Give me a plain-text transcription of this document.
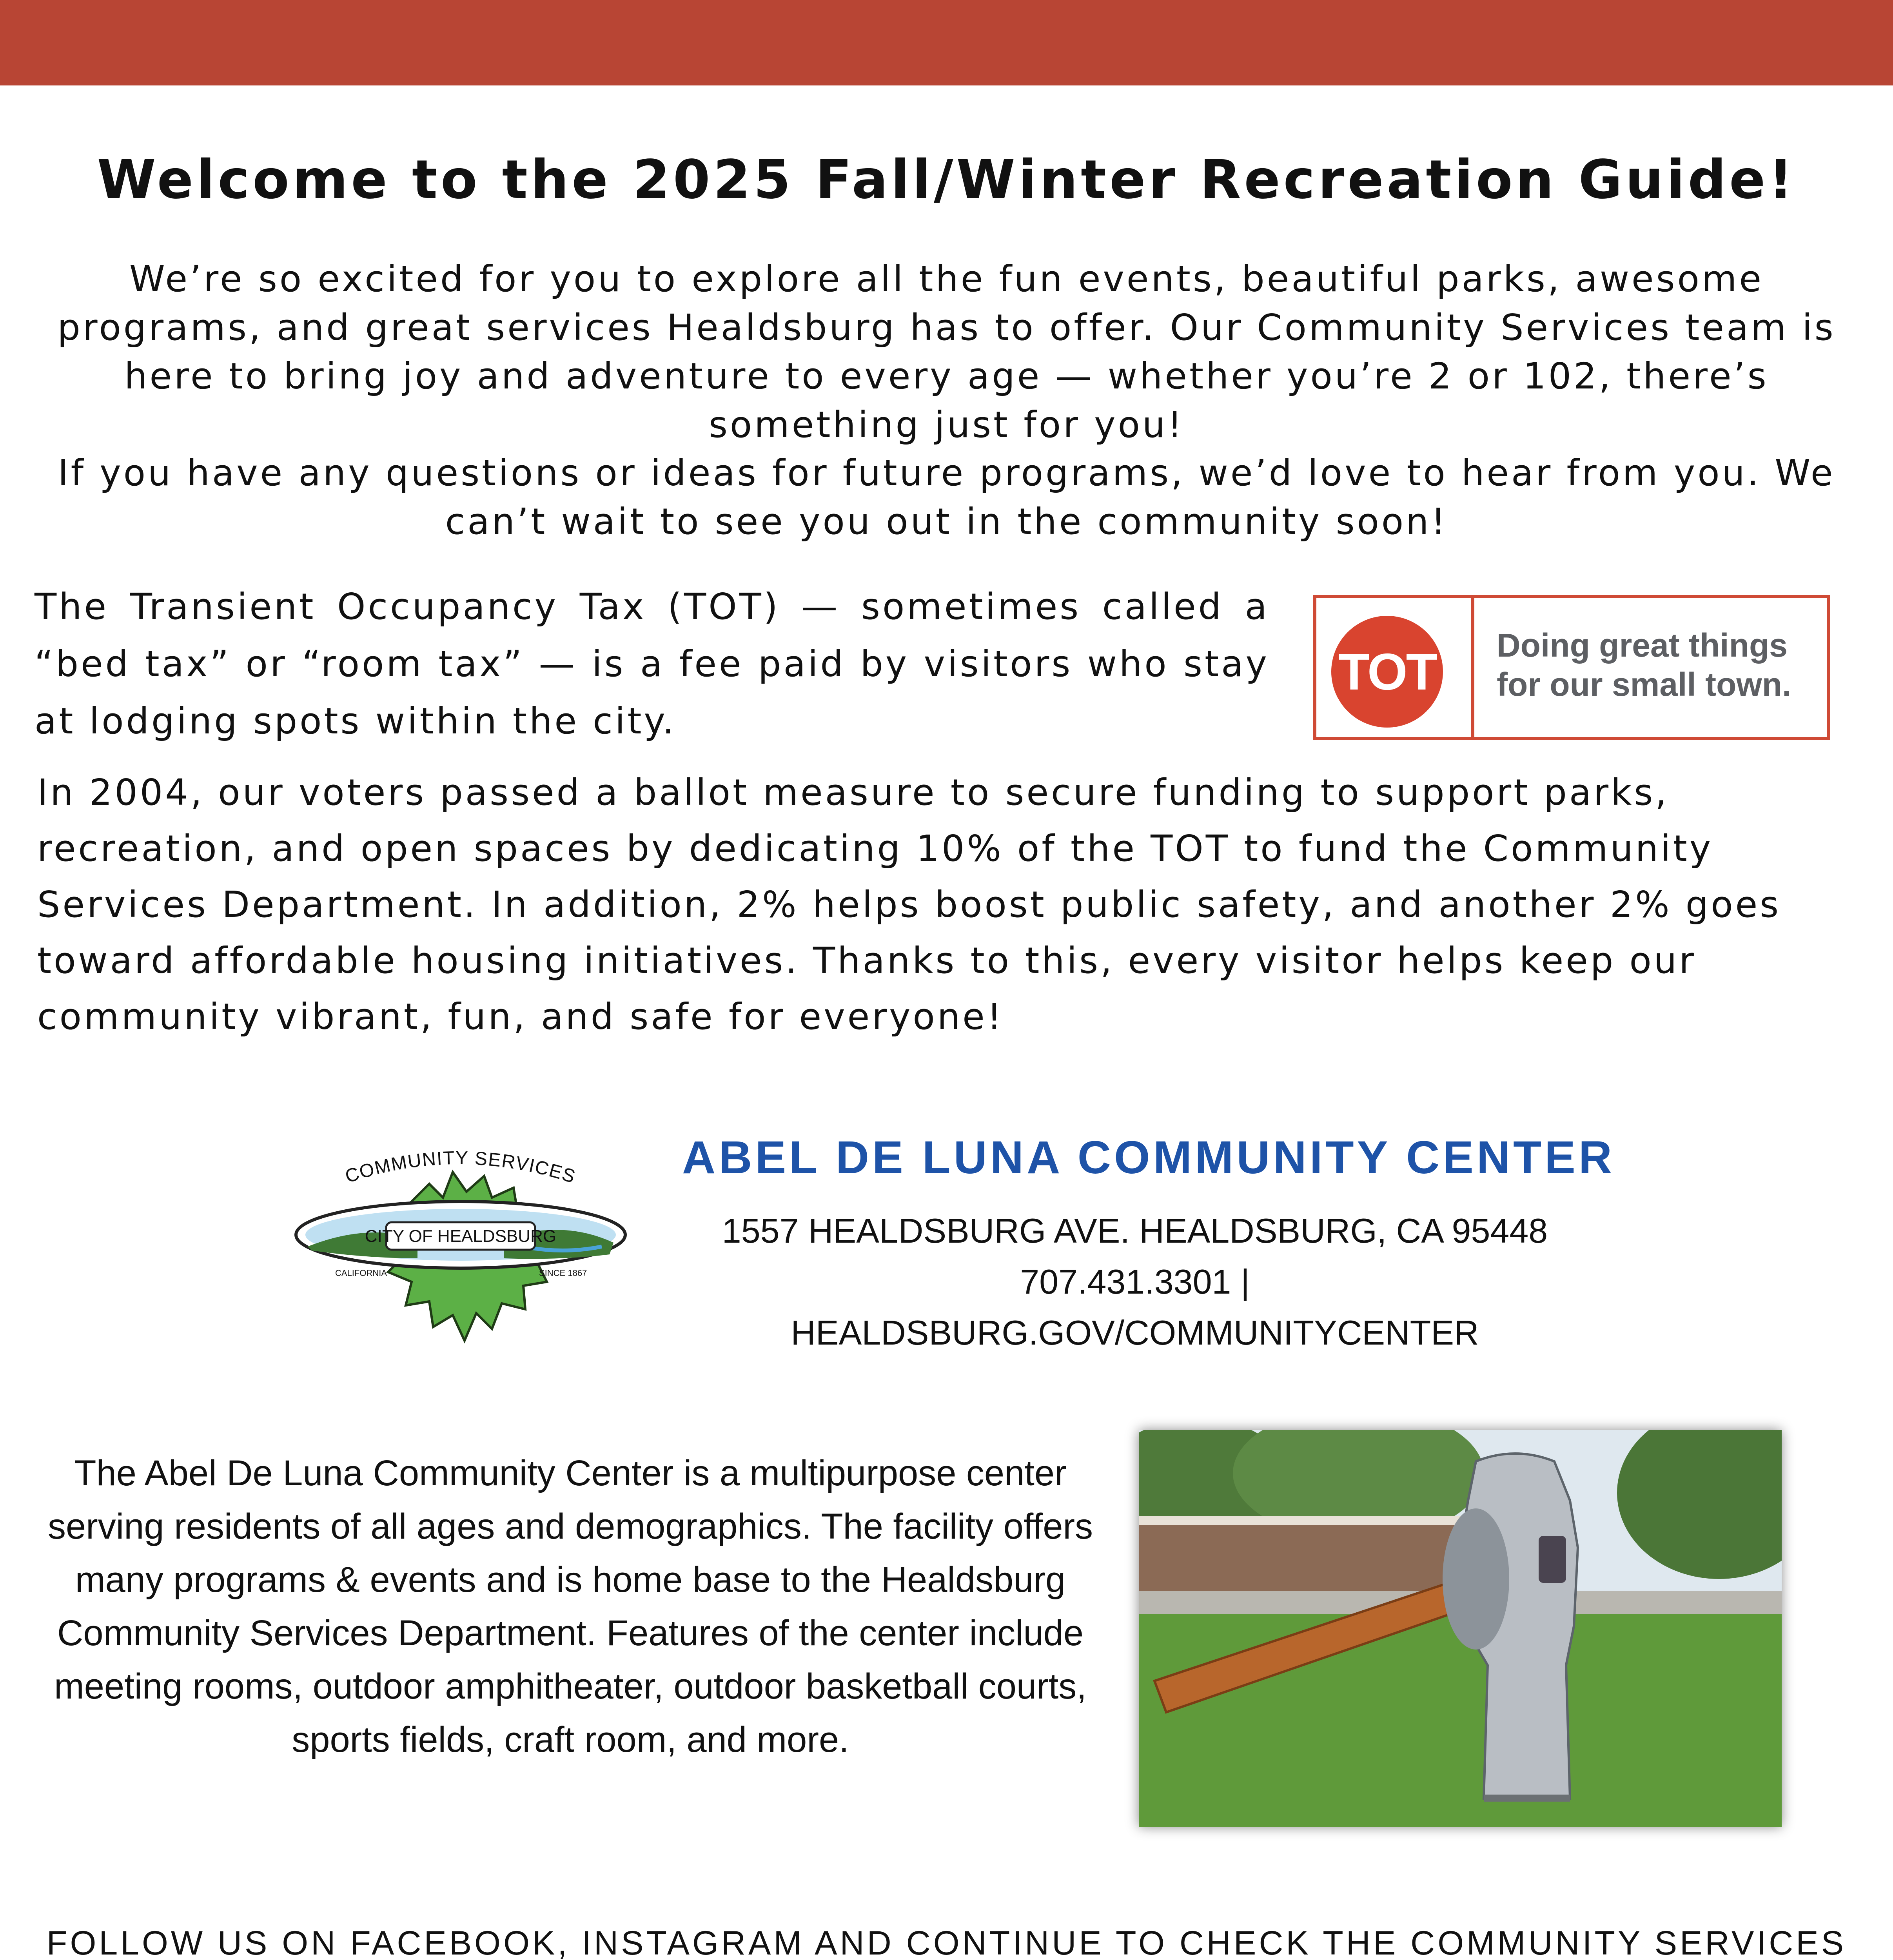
Welcome to the 2025 Fall/Winter Recreation Guide!

We’re so excited for you to explore all the fun events, beautiful parks, awesome programs, and great services Healdsburg has to offer. Our Community Services team is here to bring joy and adventure to every age — whether you’re 2 or 102, there’s something just for you!

If you have any questions or ideas for future programs, we’d love to hear from you. We can’t wait to see you out in the community soon!

The Transient Occupancy Tax (TOT) — sometimes called a “bed tax” or “room tax” — is a fee paid by visitors who stay at lodging spots within the city.

TOT Doing great things for our small town.

In 2004, our voters passed a ballot measure to secure funding to support parks, recreation, and open spaces by dedicating 10% of the TOT to fund the Community Services Department. In addition, 2% helps boost public safety, and another 2% goes toward affordable housing initiatives. Thanks to this, every visitor helps keep our community vibrant, fun, and safe for everyone!

COMMUNITY SERVICES
CITY OF HEALDSBURG
CALIFORNIA	SINCE 1867
ABEL DE LUNA COMMUNITY CENTER
1557 HEALDSBURG AVE. HEALDSBURG, CA 95448
707.431.3301 |
HEALDSBURG.GOV/COMMUNITYCENTER

The Abel De Luna Community Center is a multipurpose center serving residents of all ages and demographics. The facility offers many programs & events and is home base to the Healdsburg Community Services Department. Features of the center include meeting rooms, outdoor amphitheater, outdoor basketball courts, sports fields, craft room, and more.

FOLLOW US ON FACEBOOK, INSTAGRAM AND CONTINUE TO CHECK THE COMMUNITY SERVICES
